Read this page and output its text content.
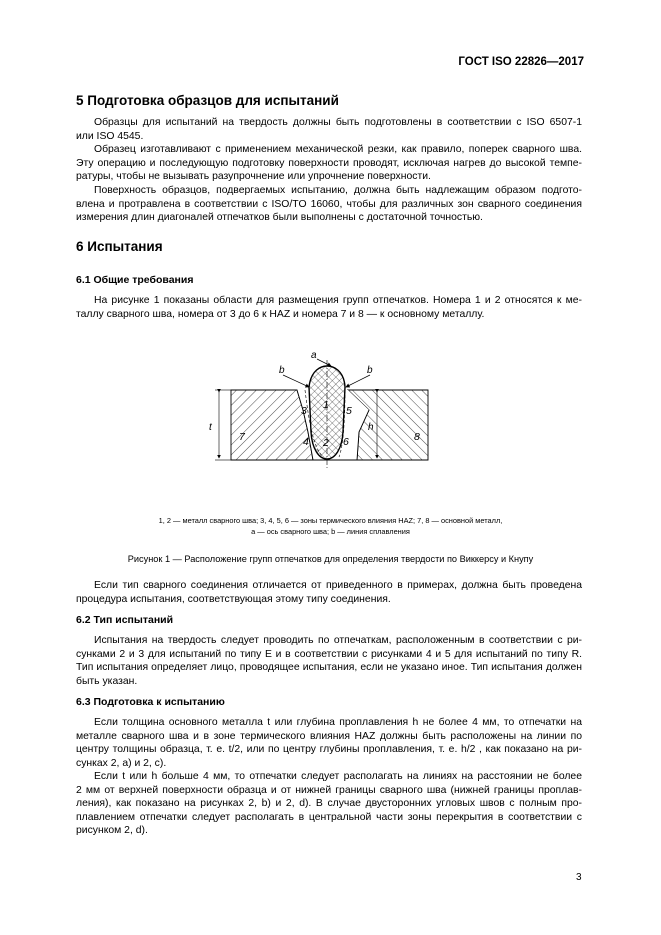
ГОСТ ISO 22826—2017
5 Подготовка образцов для испытаний
Образцы для испытаний на твердость должны быть подготовлены в соответствии с ISO 6507-1
или ISO 4545.
Образец изготавливают с применением механической резки, как правило, поперек сварного шва.
Эту операцию и последующую подготовку поверхности проводят, исключая нагрев до высокой темпе-
ратуры, чтобы не вызывать разупрочнение или упрочнение поверхности.
Поверхность образцов, подвергаемых испытанию, должна быть надлежащим образом подгото-
влена и протравлена в соответствии с ISO/TO 16060, чтобы для различных зон сварного соединения
измерения длин диагоналей отпечатков были выполнены с достаточной точностью.
6 Испытания
6.1 Общие требования
На рисунке 1 показаны области для размещения групп отпечатков. Номера 1 и 2 относятся к ме-
таллу сварного шва, номера от 3 до 6 к HAZ и номера 7 и 8 — к основному металлу.
a
b	b
t	h
1
2
3
4
5
6
7	8
1, 2 — металл сварного шва; 3, 4, 5, 6 — зоны термического влияния HAZ; 7, 8 — основной металл,
a — ось сварного шва; b — линия сплавления
Рисунок 1 — Расположение групп отпечатков для определения твердости по Виккерсу и Кнупу
Если тип сварного соединения отличается от приведенного в примерах, должна быть проведена
процедура испытания, соответствующая этому типу соединения.
6.2 Тип испытаний
Испытания на твердость следует проводить по отпечаткам, расположенным в соответствии с ри-
сунками 2 и 3 для испытаний по типу E и в соответствии с рисунками 4 и 5 для испытаний по типу R.
Тип испытания определяет лицо, проводящее испытания, если не указано иное. Тип испытания должен
быть указан.
6.3 Подготовка к испытанию
Если толщина основного металла t или глубина проплавления h не более 4 мм, то отпечатки на
металле сварного шва и в зоне термического влияния HAZ должны быть расположены на линии по
центру толщины образца, т. е. t/2, или по центру глубины проплавления, т. е. h/2 , как показано на ри-
сунках 2, а) и 2, с).
Если t или h больше 4 мм, то отпечатки следует располагать на линиях на расстоянии не более
2 мм от верхней поверхности образца и от нижней границы сварного шва (нижней границы проплав-
ления), как показано на рисунках 2, b) и 2, d). В случае двусторонних угловых швов с полным про-
плавлением отпечатки следует располагать в центральной части зоны перекрытия в соответствии с
рисунком 2, d).
3
